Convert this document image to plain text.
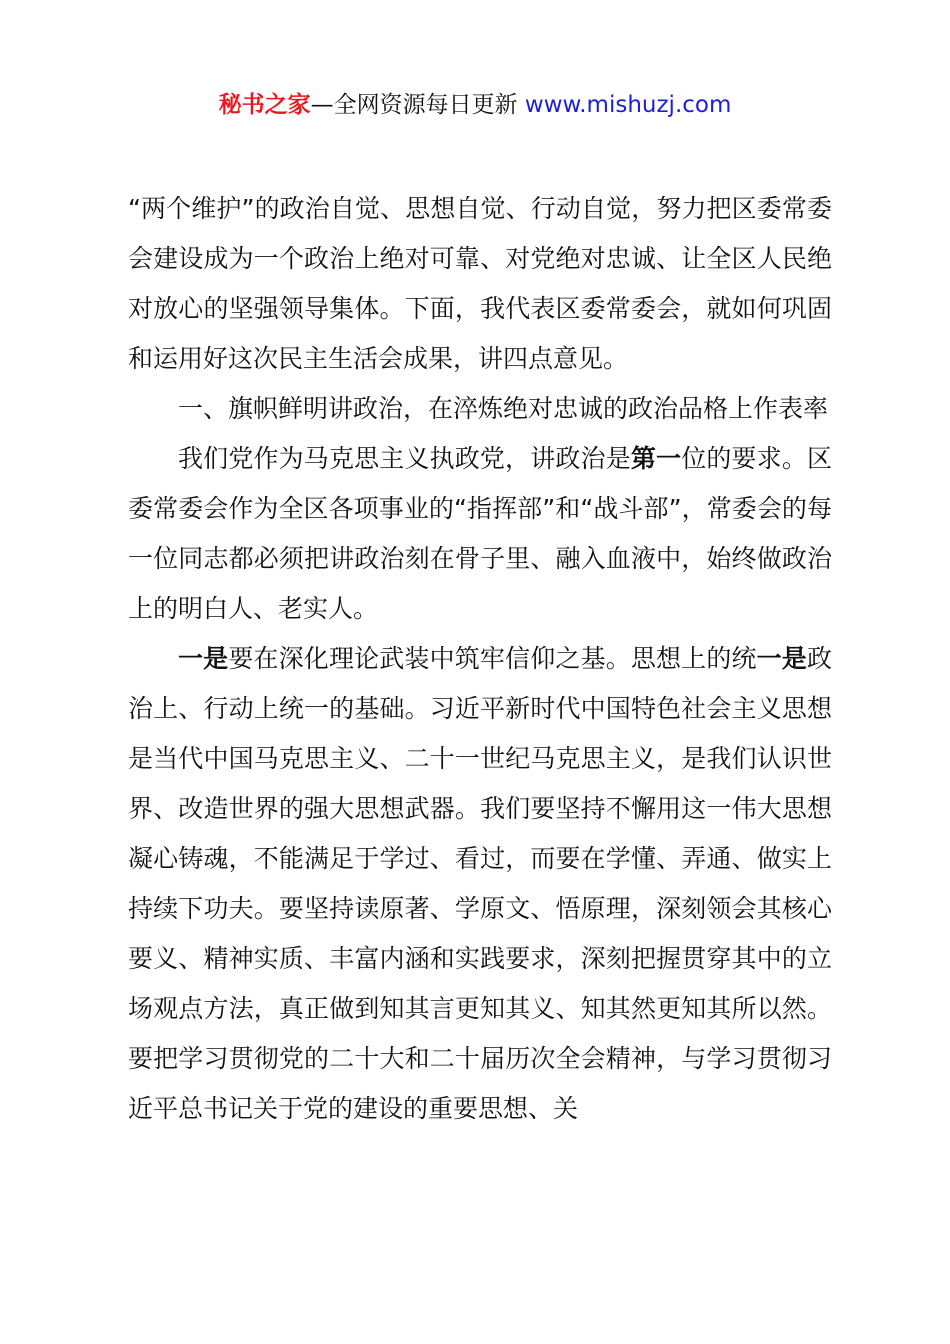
秘书之家—全网资源每日更新 www.mishuzj.com

“两个维护”的政治自觉、思想自觉、行动自觉，努力把区委常委会建设成为一个政治上绝对可靠、对党绝对忠诚、让全区人民绝对放心的坚强领导集体。下面，我代表区委常委会，就如何巩固和运用好这次民主生活会成果，讲四点意见。

一、旗帜鲜明讲政治，在淬炼绝对忠诚的政治品格上作表率

我们党作为马克思主义执政党，讲政治是第一位的要求。区委常委会作为全区各项事业的“指挥部”和“战斗部”，常委会的每一位同志都必须把讲政治刻在骨子里、融入血液中，始终做政治上的明白人、老实人。

一是要在深化理论武装中筑牢信仰之基。思想上的统一是政治上、行动上统一的基础。习近平新时代中国特色社会主义思想是当代中国马克思主义、二十一世纪马克思主义，是我们认识世界、改造世界的强大思想武器。我们要坚持不懈用这一伟大思想凝心铸魂，不能满足于学过、看过，而要在学懂、弄通、做实上持续下功夫。要坚持读原著、学原文、悟原理，深刻领会其核心要义、精神实质、丰富内涵和实践要求，深刻把握贯穿其中的立场观点方法，真正做到知其言更知其义、知其然更知其所以然。要把学习贯彻党的二十大和二十届历次全会精神，与学习贯彻习近平总书记关于党的建设的重要思想、关
